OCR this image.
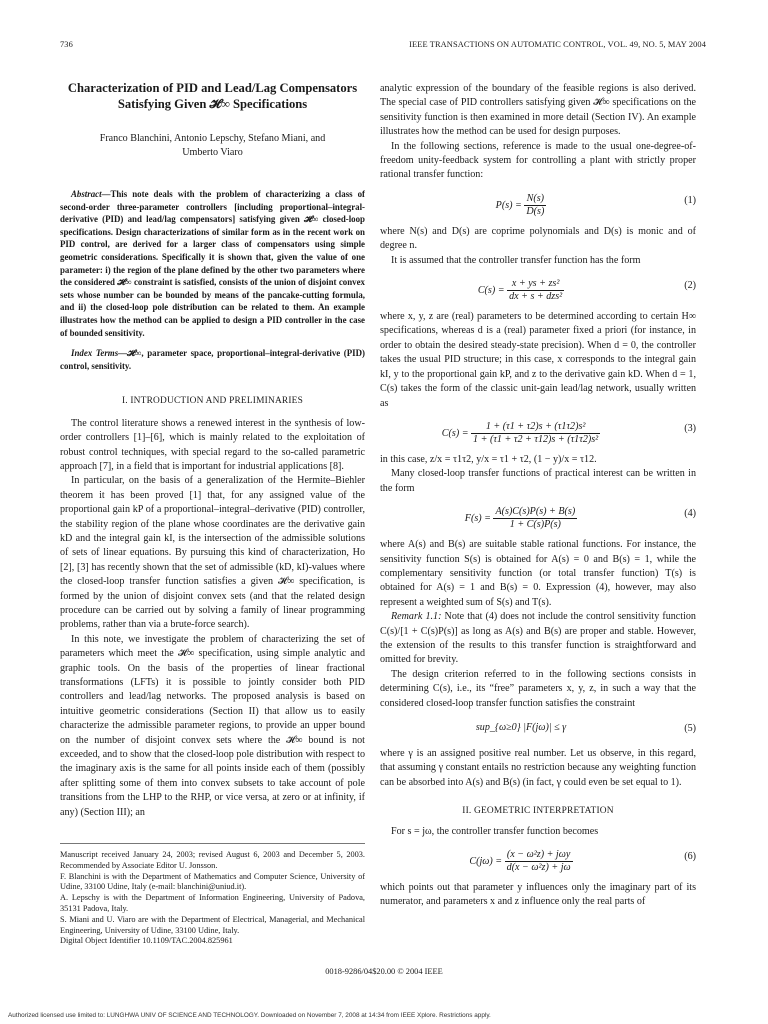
736	IEEE TRANSACTIONS ON AUTOMATIC CONTROL, VOL. 49, NO. 5, MAY 2004
Characterization of PID and Lead/Lag Compensators
Satisfying Given 𝓗∞ Specifications
Franco Blanchini, Antonio Lepschy, Stefano Miani, and
Umberto Viaro

Abstract—This note deals with the problem of characterizing a class of second-order three-parameter controllers [including proportional–integral-derivative (PID) and lead/lag compensators] satisfying given 𝓗∞ closed-loop specifications. Design characterizations of similar form as in the recent work on PID control, are derived for a larger class of compensators using simple geometric considerations. Specifically it is shown that, given the value of one parameter: i) the region of the plane defined by the other two parameters where the considered 𝓗∞ constraint is satisfied, consists of the union of disjoint convex sets whose number can be bounded by means of the pancake-cutting formula, and ii) the closed-loop pole distribution can be related to them. An example illustrates how the method can be applied to design a PID controller in the case of bounded sensitivity.

Index Terms—𝓗∞, parameter space, proportional–integral-derivative (PID) control, sensitivity.

I. INTRODUCTION AND PRELIMINARIES

The control literature shows a renewed interest in the synthesis of low-order controllers [1]–[6], which is mainly related to the exploitation of robust control techniques, with special regard to the so-called parametric approach [7], in a field that is important for industrial applications [8].

In particular, on the basis of a generalization of the Hermite–Biehler theorem it has been proved [1] that, for any assigned value of the proportional gain kP of a proportional–integral–derivative (PID) controller, the stability region of the plane whose coordinates are the derivative gain kD and the integral gain kI, is the intersection of the admissible solutions of sets of linear equations. By pursuing this kind of characterization, Ho [2], [3] has recently shown that the set of admissible (kD, kI)-values where the closed-loop transfer function satisfies a given 𝓗∞ specification, is formed by the union of disjoint convex sets (and that the related design procedure can be carried out by solving a family of linear programming problems, rather than via a brute-force search).

In this note, we investigate the problem of characterizing the set of parameters which meet the 𝓗∞ specification, using simple analytic and graphic tools. On the basis of the properties of linear fractional transformations (LFTs) it is possible to jointly consider both PID controllers and lead/lag networks. The proposed analysis is based on intuitive geometric considerations (Section II) that allow us to easily characterize the admissible parameter regions, to provide an upper bound on the number of disjoint convex sets where the 𝓗∞ bound is not exceeded, and to show that the closed-loop pole distribution with respect to the imaginary axis is the same for all points inside each of them (possibly after splitting some of them into convex subsets to take account of pole transitions from the LHP to the RHP, or vice versa, at zero or at infinity, if any) (Section III); an

Manuscript received January 24, 2003; revised August 6, 2003 and December 5, 2003. Recommended by Associate Editor U. Jonsson.

F. Blanchini is with the Department of Mathematics and Computer Science, University of Udine, 33100 Udine, Italy (e-mail: blanchini@uniud.it).

A. Lepschy is with the Department of Information Engineering, University of Padova, 35131 Padova, Italy.

S. Miani and U. Viaro are with the Department of Electrical, Managerial, and Mechanical Engineering, University of Udine, 33100 Udine, Italy.

Digital Object Identifier 10.1109/TAC.2004.825961

analytic expression of the boundary of the feasible regions is also derived. The special case of PID controllers satisfying given 𝓗∞ specifications on the sensitivity function is then examined in more detail (Section IV). An example illustrates how the method can be used for design purposes.

In the following sections, reference is made to the usual one-degree-of-freedom unity-feedback system for controlling a plant with strictly proper rational transfer function:

$P(s) = \frac{N(s)}{D(s)}$	(1)

where N(s) and D(s) are coprime polynomials and D(s) is monic and of degree n.

It is assumed that the controller transfer function has the form

$C(s) = \frac{\text{x + ys + zs²}}{\text{dx + s + dzs²}}$	(2)

where x, y, z are (real) parameters to be determined according to certain H∞ specifications, whereas d is a (real) parameter fixed a priori (for instance, in order to obtain the desired steady-state precision). When d = 0, the controller takes the usual PID structure; in this case, x corresponds to the integral gain kI, y to the proportional gain kP, and z to the derivative gain kD. When d = 1, C(s) takes the form of the classic unit-gain lead/lag network, usually written as

$C(s) = \frac{\text{1 + (τ1 + τ2)s + (τ1τ2)s²}}{\text{1 + (τ1 + τ2 + τ12)s + (τ1τ2)s²}}$	(3)

in this case, z/x = τ1τ2, y/x = τ1 + τ2, (1 − y)/x = τ12.

Many closed-loop transfer functions of practical interest can be written in the form

$F(s) = \frac{A(s)C(s)P(s) + B(s)}{1 + C(s)P(s)}$	(4)

where A(s) and B(s) are suitable stable rational functions. For instance, the sensitivity function S(s) is obtained for A(s) = 0 and B(s) = 1, while the complementary sensitivity function (or total transfer function) T(s) is obtained for A(s) = 1 and B(s) = 0. Expression (4), however, may also represent a weighted sum of S(s) and T(s).

Remark 1.1: Note that (4) does not include the control sensitivity function C(s)/[1 + C(s)P(s)] as long as A(s) and B(s) are proper and stable. However, the extension of the results to this transfer function is straightforward and omitted for brevity.

The design criterion referred to in the following sections consists in determining C(s), i.e., its “free” parameters x, y, z, in such a way that the considered closed-loop transfer function satisfies the constraint

sup_{ω≥0} |F(jω)| ≤ γ	(5)

where γ is an assigned positive real number. Let us observe, in this regard, that assuming γ constant entails no restriction because any weighting function can be absorbed into A(s) and B(s) (in fact, γ could even be set equal to 1).

II. GEOMETRIC INTERPRETATION

For s = jω, the controller transfer function becomes

$C(j\omega) = \frac{\text{(x − ω²z) + jωy}}{\text{d(x − ω²z) + jω}}$	(6)

which points out that parameter y influences only the imaginary part of its numerator, and parameters x and z influence only the real parts of

0018-9286/04$20.00 © 2004 IEEE
Authorized licensed use limited to: LUNGHWA UNIV OF SCIENCE AND TECHNOLOGY. Downloaded on November 7, 2008 at 14:34 from IEEE Xplore. Restrictions apply.
